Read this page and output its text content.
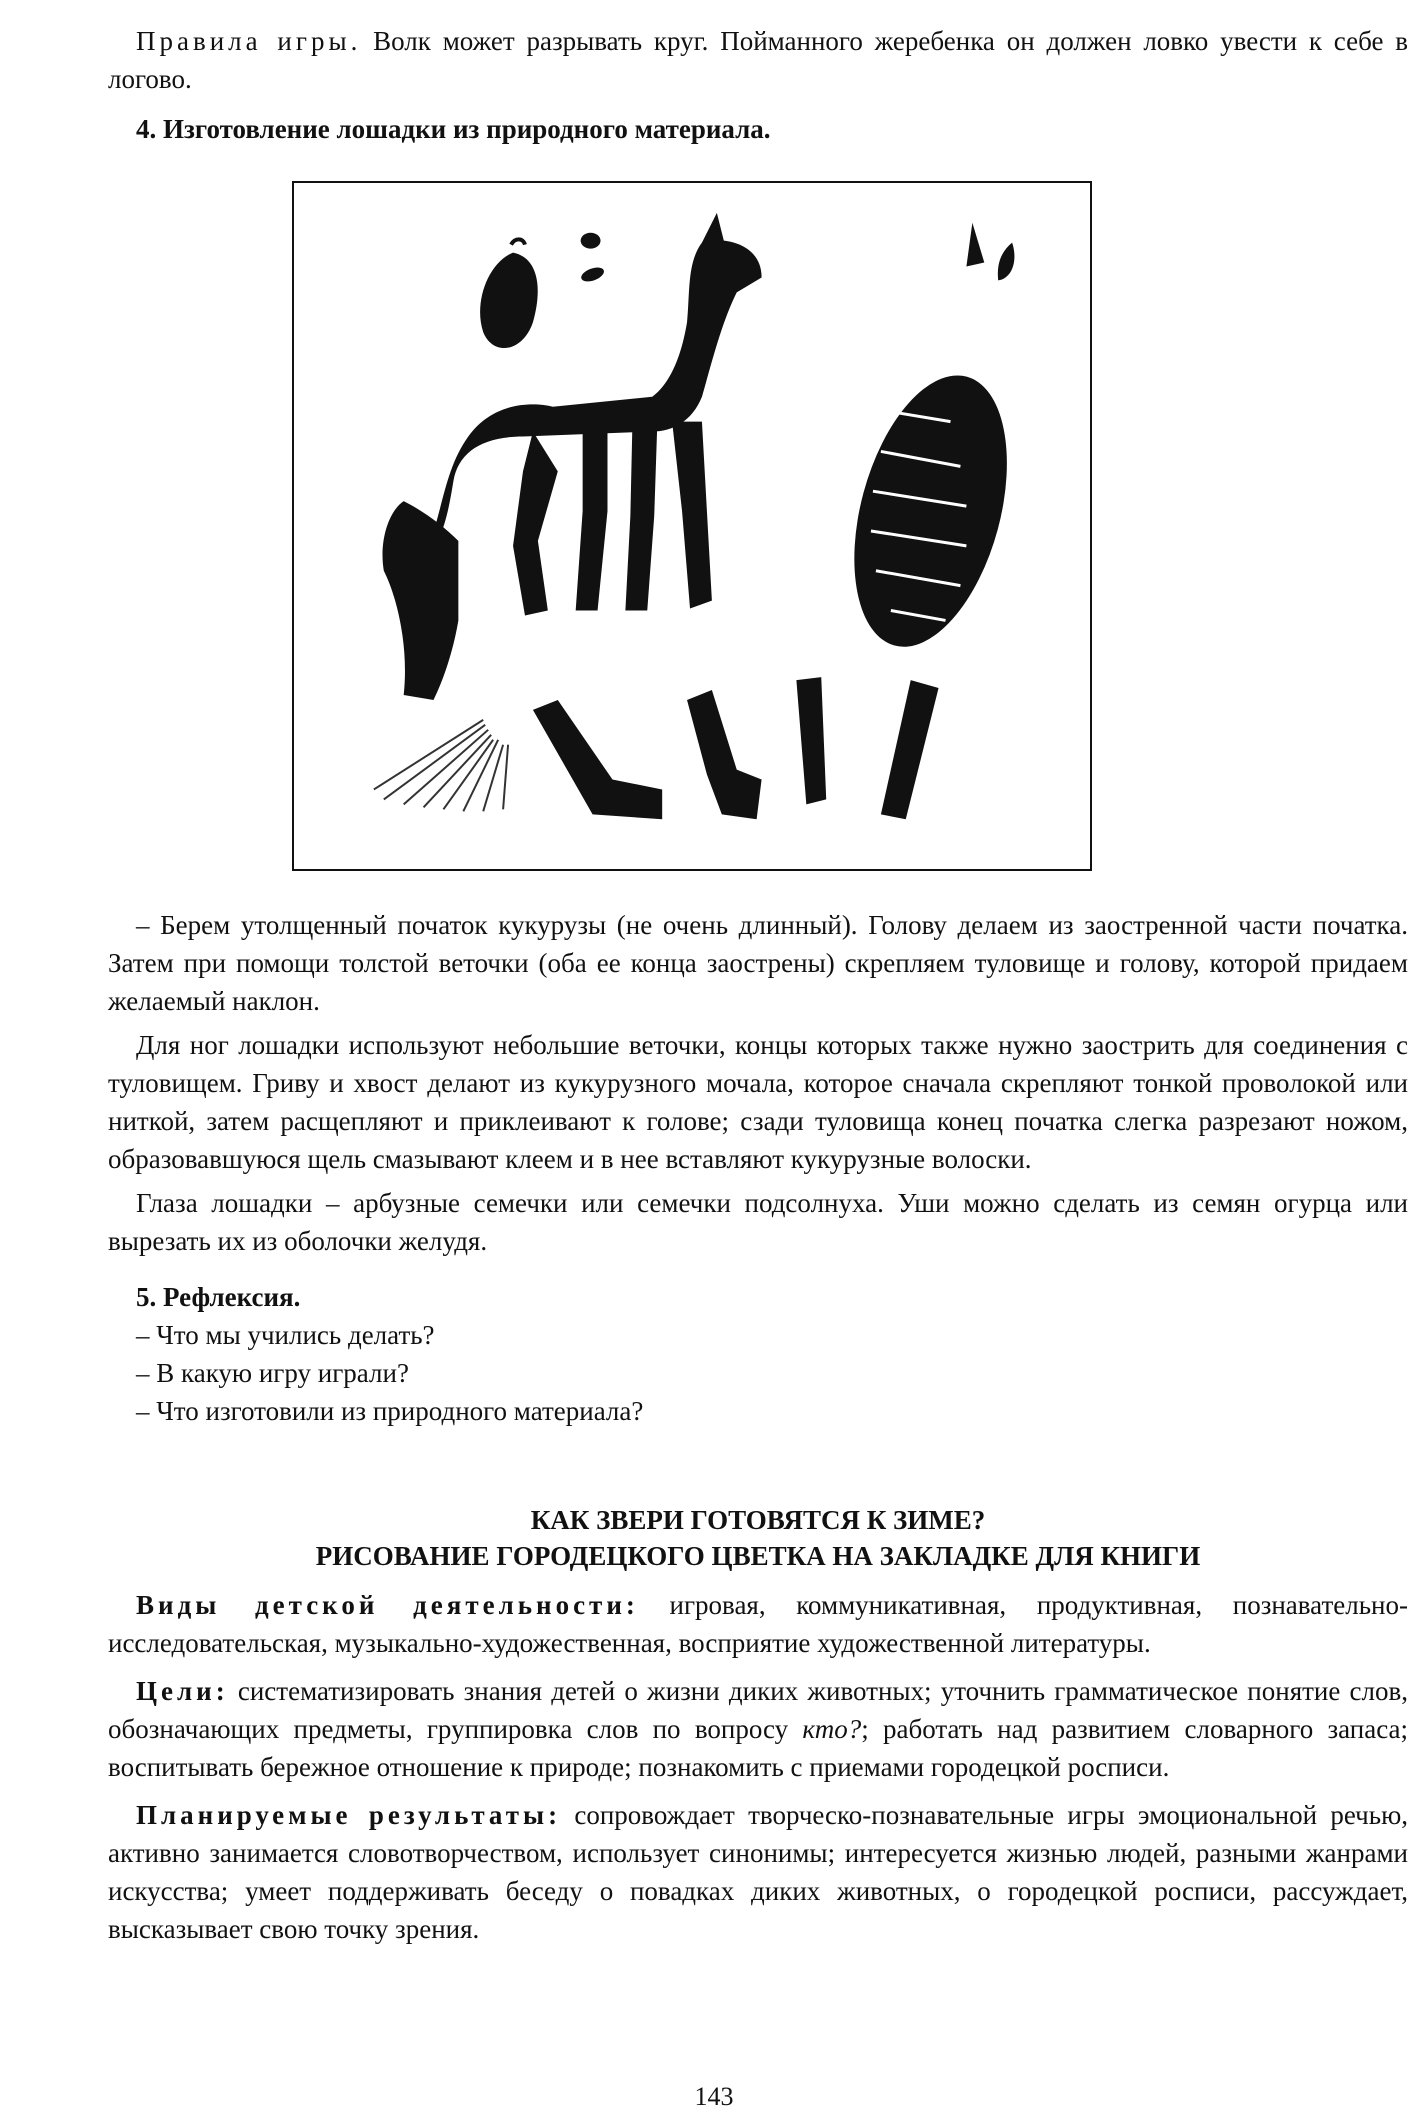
Правила игры. Волк может разрывать круг. Пойманного жеребенка он должен ловко увести к себе в логово.

4. Изготовление лошадки из природного материала.

– Берем утолщенный початок кукурузы (не очень длинный). Голову делаем из заостренной части початка. Затем при помощи толстой веточки (оба ее конца заострены) скрепляем туловище и голову, которой придаем желаемый наклон.

Для ног лошадки используют небольшие веточки, концы которых также нужно заострить для соединения с туловищем. Гриву и хвост делают из кукурузного мочала, которое сначала скрепляют тонкой проволокой или ниткой, затем расщепляют и приклеивают к голове; сзади туловища конец початка слегка разрезают ножом, образовавшуюся щель смазывают клеем и в нее вставляют кукурузные волоски.

Глаза лошадки – арбузные семечки или семечки подсолнуха. Уши можно сделать из семян огурца или вырезать их из оболочки желудя.

5. Рефлексия.

– Что мы учились делать?

– В какую игру играли?

– Что изготовили из природного материала?

КАК ЗВЕРИ ГОТОВЯТСЯ К ЗИМЕ?
РИСОВАНИЕ ГОРОДЕЦКОГО ЦВЕТКА НА ЗАКЛАДКЕ ДЛЯ КНИГИ

Виды детской деятельности: игровая, коммуникативная, продуктивная, познавательно-исследовательская, музыкально-художественная, восприятие художественной литературы.

Цели: систематизировать знания детей о жизни диких животных; уточнить грамматическое понятие слов, обозначающих предметы, группировка слов по вопросу кто?; работать над развитием словарного запаса; воспитывать бережное отношение к природе; познакомить с приемами городецкой росписи.

Планируемые результаты: сопровождает творческо-познавательные игры эмоциональной речью, активно занимается словотворчеством, использует синонимы; интересуется жизнью людей, разными жанрами искусства; умеет поддерживать беседу о повадках диких животных, о городецкой росписи, рассуждает, высказывает свою точку зрения.

143
